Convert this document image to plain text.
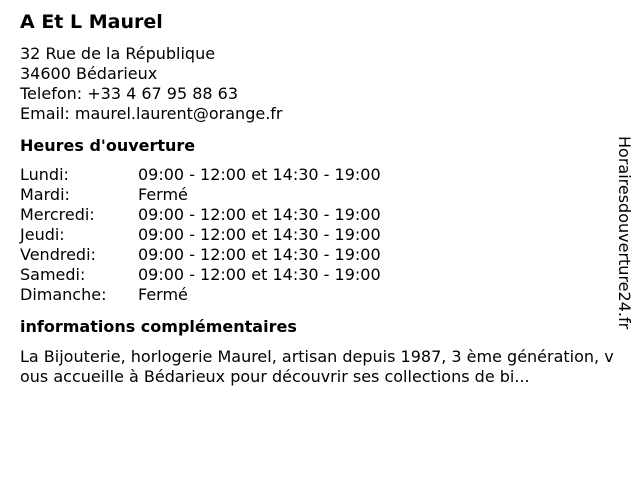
A Et L Maurel
32 Rue de la République
34600 Bédarieux
Telefon: +33 4 67 95 88 63
Email: maurel.laurent@orange.fr
Heures d'ouverture
Lundi:	09:00 - 12:00 et 14:30 - 19:00
Mardi:	Fermé
Mercredi:	09:00 - 12:00 et 14:30 - 19:00
Jeudi:	09:00 - 12:00 et 14:30 - 19:00
Vendredi:	09:00 - 12:00 et 14:30 - 19:00
Samedi:	09:00 - 12:00 et 14:30 - 19:00
Dimanche: Fermé
informations complémentaires
La Bijouterie, horlogerie Maurel, artisan depuis 1987, 3 ème génération, vous accueille à Bédarieux pour découvrir ses collections de bi...
Horairesdouverture24.fr
